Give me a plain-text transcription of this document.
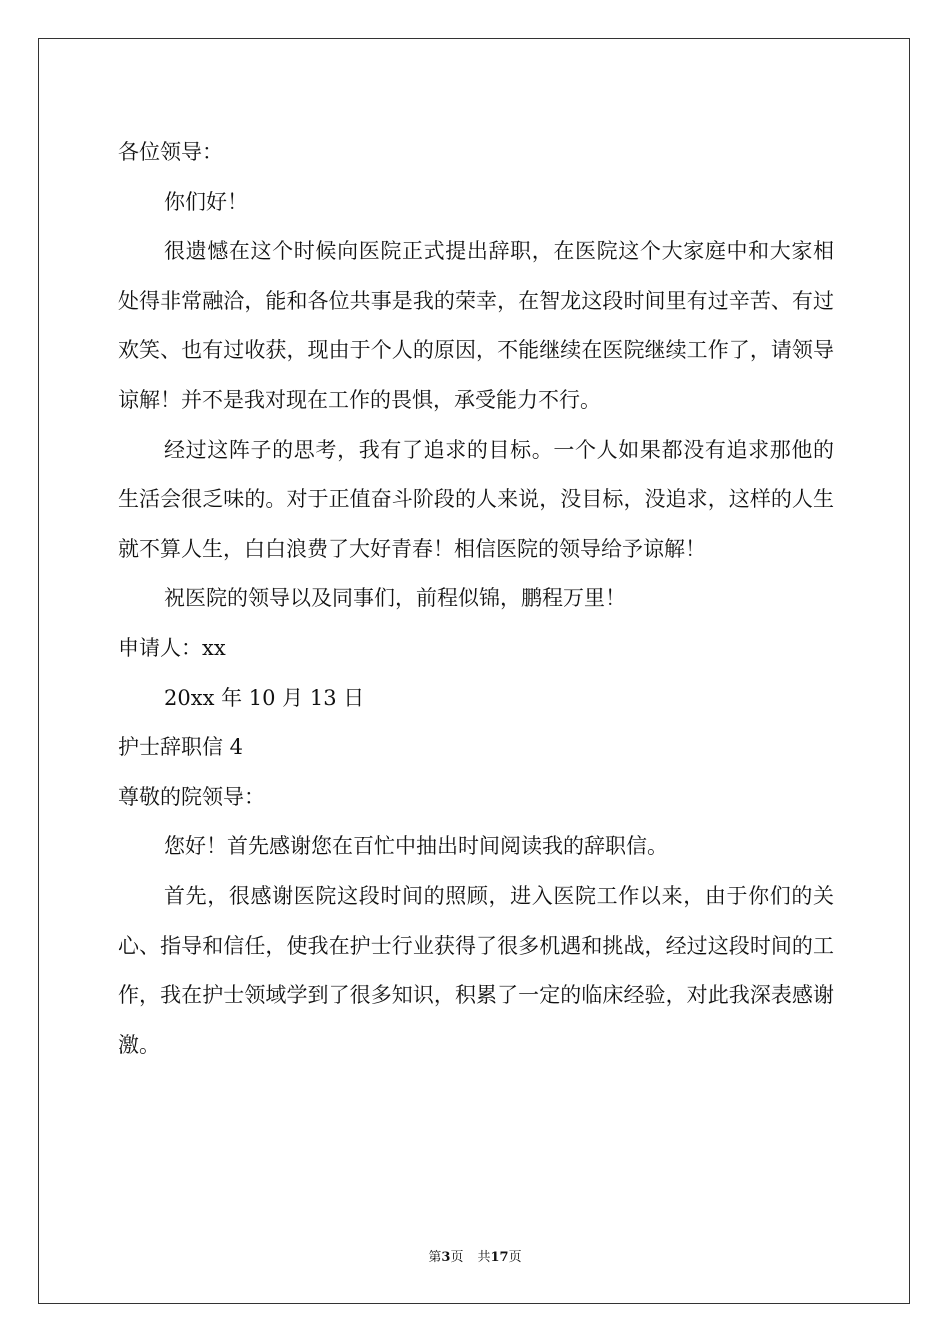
各位领导：
你们好！
很遗憾在这个时候向医院正式提出辞职，在医院这个大家庭中和大家相处得非常融洽，能和各位共事是我的荣幸，在智龙这段时间里有过辛苦、有过欢笑、也有过收获，现由于个人的原因，不能继续在医院继续工作了，请领导谅解！并不是我对现在工作的畏惧，承受能力不行。
经过这阵子的思考，我有了追求的目标。一个人如果都没有追求那他的生活会很乏味的。对于正值奋斗阶段的人来说，没目标，没追求，这样的人生就不算人生，白白浪费了大好青春！相信医院的领导给予谅解！
祝医院的领导以及同事们，前程似锦，鹏程万里！
申请人：xx
20xx 年 10 月 13 日
护士辞职信 4
尊敬的院领导：
您好！首先感谢您在百忙中抽出时间阅读我的辞职信。
首先，很感谢医院这段时间的照顾，进入医院工作以来，由于你们的关心、指导和信任，使我在护士行业获得了很多机遇和挑战，经过这段时间的工作，我在护士领域学到了很多知识，积累了一定的临床经验，对此我深表感谢激。
第3页 共17页
